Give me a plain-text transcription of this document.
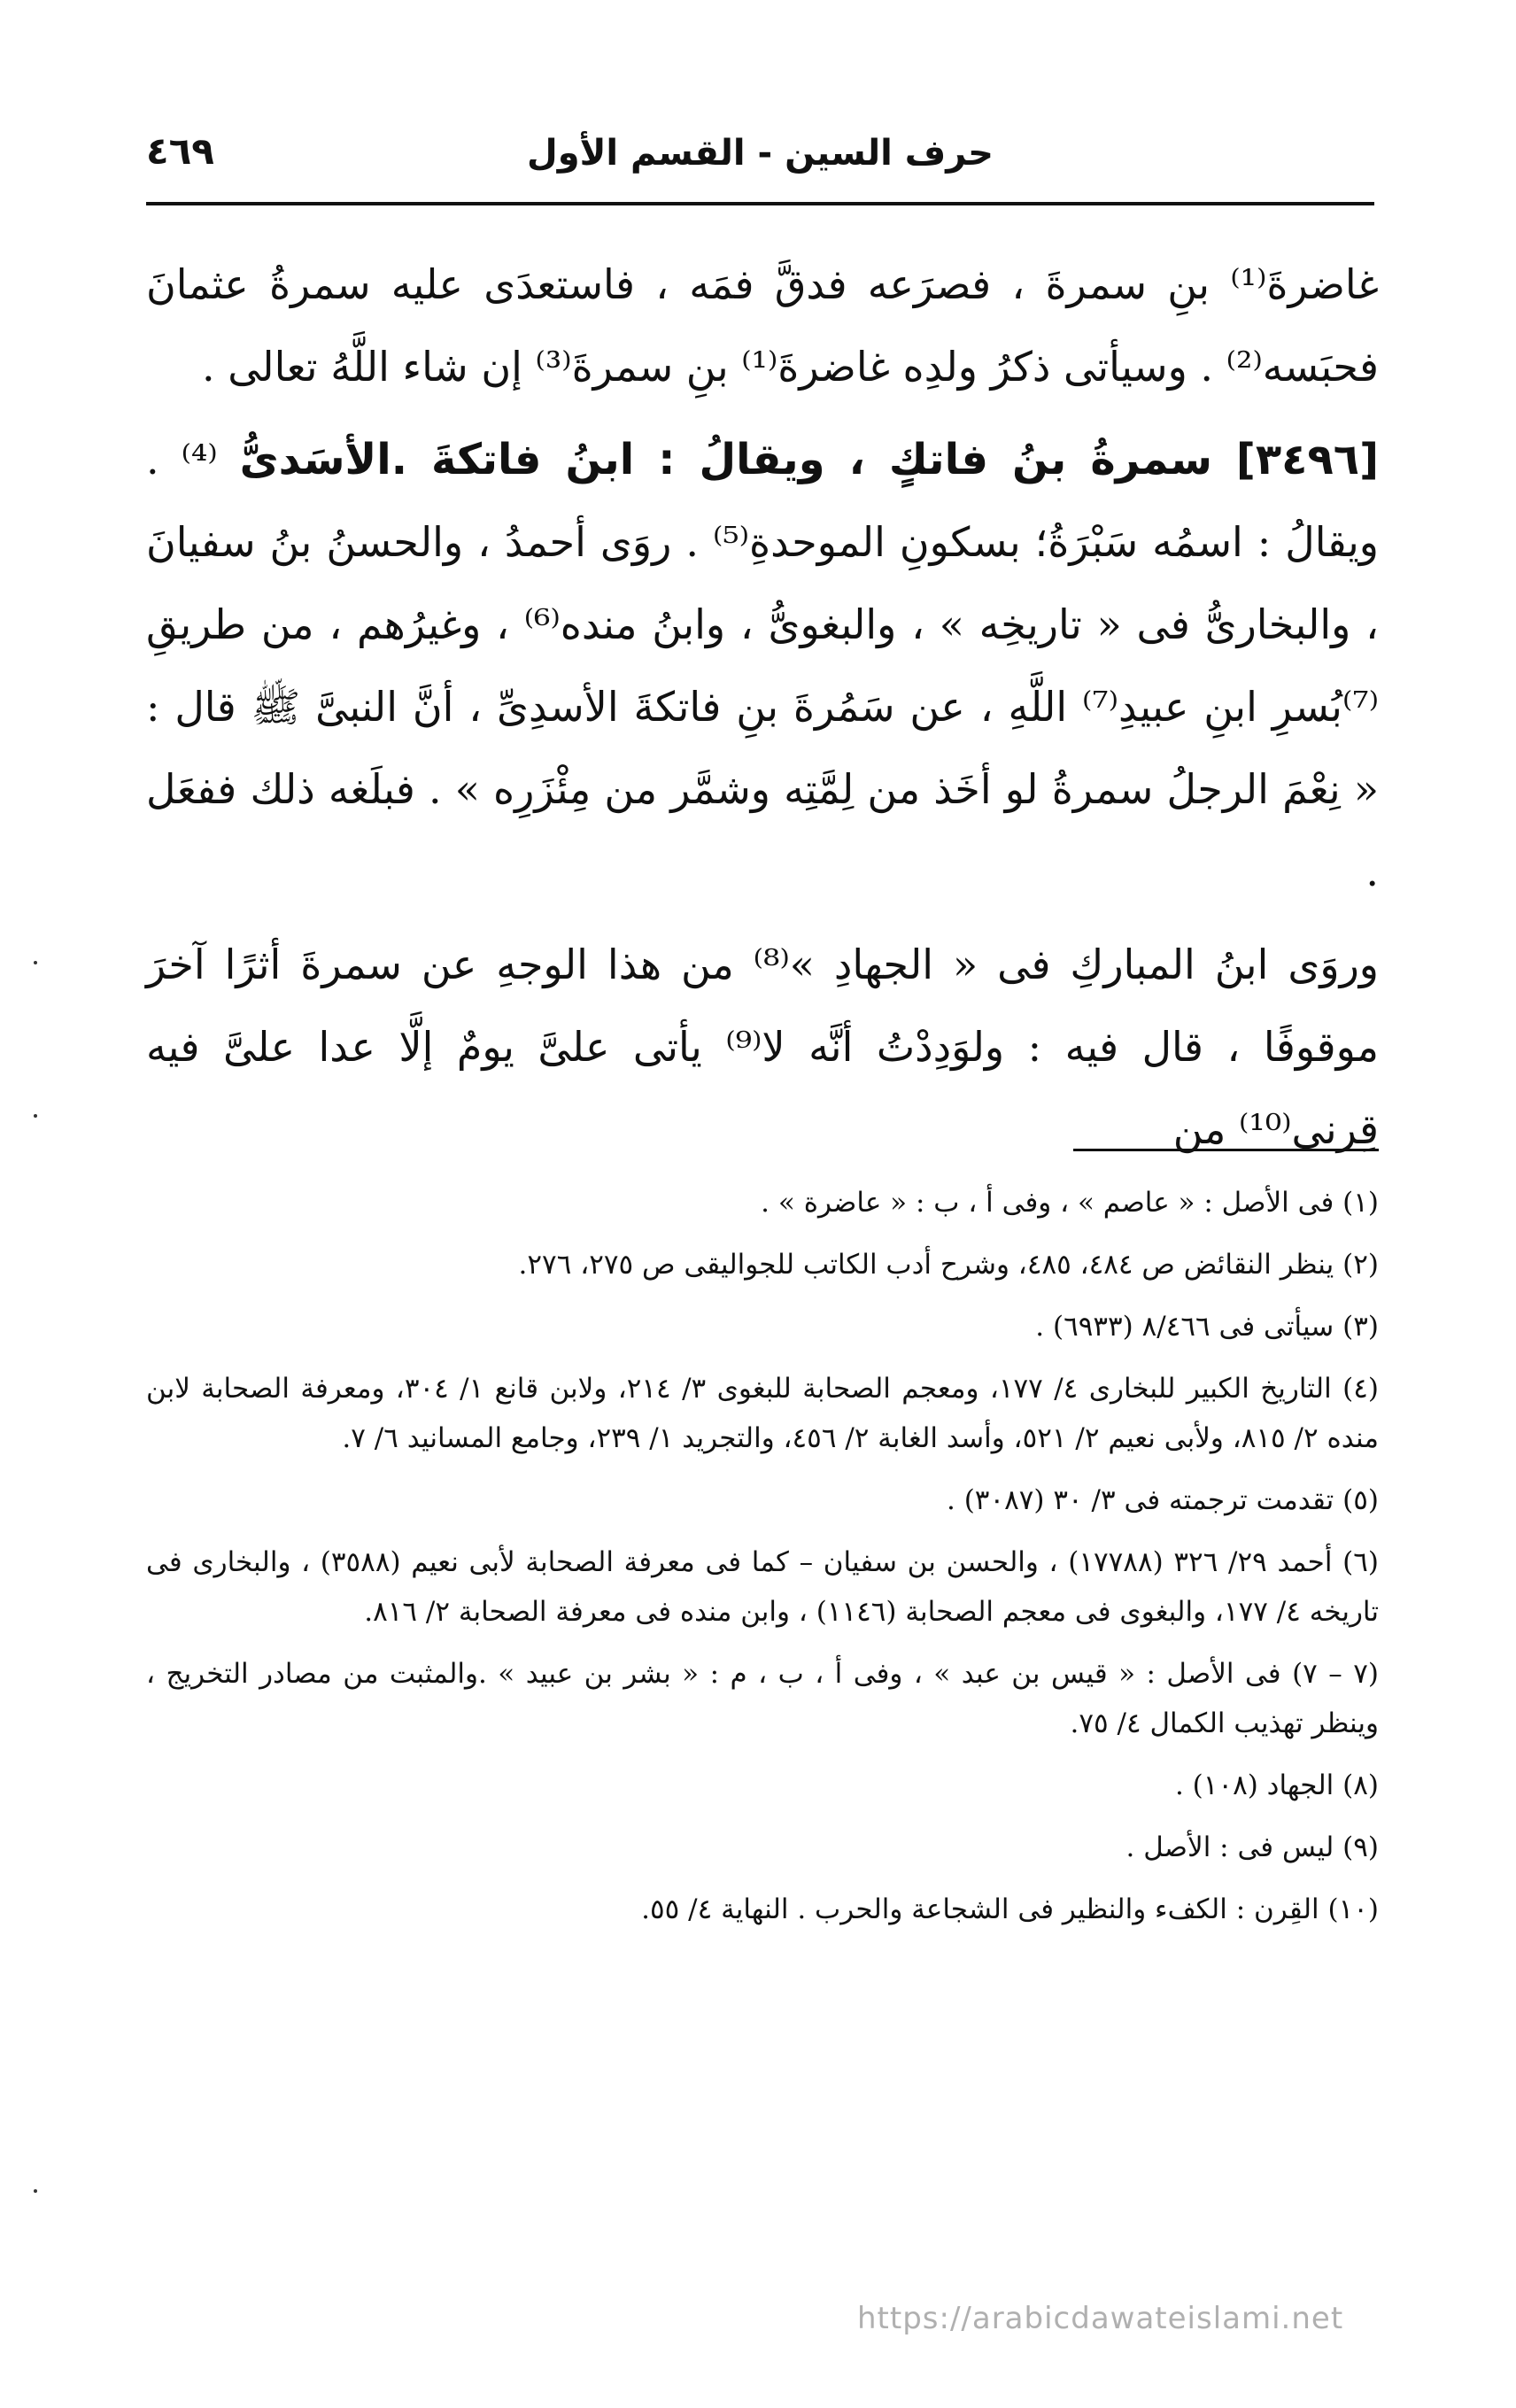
حرف السين - القسم الأول
٤٦٩

غاضرةَ⁽¹⁾ بنِ سمرةَ ، فصرَعه فدقَّ فمَه ، فاستعدَى عليه سمرةُ عثمانَ فحبَسه⁽²⁾ . وسيأتى ذكرُ ولدِه غاضرةَ⁽¹⁾ بنِ سمرةَ⁽³⁾ إن شاء اللَّهُ تعالى .

[٣٤٩٦] سمرةُ بنُ فاتكٍ ، ويقالُ : ابنُ فاتكةَ .الأسَدىُّ ⁽⁴⁾ . ويقالُ : اسمُه سَبْرَةُ؛ بسكونِ الموحدةِ⁽⁵⁾ . روَى أحمدُ ، والحسنُ بنُ سفيانَ ، والبخارىُّ فى « تاريخِه » ، والبغوىُّ ، وابنُ منده⁽⁶⁾ ، وغيرُهم ، من طريقِ ⁽⁷⁾بُسرِ ابنِ عبيدِ⁽⁷⁾ اللَّهِ ، عن سَمُرةَ بنِ فاتكةَ الأسدِىِّ ، أنَّ النبىَّ ﷺ قال : « نِعْمَ الرجلُ سمرةُ لو أخَذ من لِمَّتِه وشمَّر من مِئْزَرِه » . فبلَغه ذلك ففعَل .

وروَى ابنُ المباركِ فى « الجهادِ »⁽⁸⁾ من هذا الوجهِ عن سمرةَ أثرًا آخرَ موقوفًا ، قال فيه : ولوَدِدْتُ أنَّه لا⁽⁹⁾ يأتى علىَّ يومٌ إلَّا عدا علىَّ فيه قِرنى⁽¹⁰⁾ من

(١) فى الأصل : « عاصم » ، وفى أ ، ب : « عاضرة » .

(٢) ينظر النقائض ص ٤٨٤، ٤٨٥، وشرح أدب الكاتب للجواليقى ص ٢٧٥، ٢٧٦.

(٣) سيأتى فى ٨/٤٦٦ (٦٩٣٣) .

(٤) التاريخ الكبير للبخارى ٤/ ١٧٧، ومعجم الصحابة للبغوى ٣/ ٢١٤، ولابن قانع ١/ ٣٠٤، ومعرفة الصحابة لابن منده ٢/ ٨١٥، ولأبى نعيم ٢/ ٥٢١، وأسد الغابة ٢/ ٤٥٦، والتجريد ١/ ٢٣٩، وجامع المسانيد ٦/ ٧.

(٥) تقدمت ترجمته فى ٣/ ٣٠ (٣٠٨٧) .

(٦) أحمد ٢٩/ ٣٢٦ (١٧٧٨٨) ، والحسن بن سفيان – كما فى معرفة الصحابة لأبى نعيم (٣٥٨٨) ، والبخارى فى تاريخه ٤/ ١٧٧، والبغوى فى معجم الصحابة (١١٤٦) ، وابن منده فى معرفة الصحابة ٢/ ٨١٦.

(٧ – ٧) فى الأصل : « قيس بن عبد » ، وفى أ ، ب ، م : « بشر بن عبيد » .والمثبت من مصادر التخريج ، وينظر تهذيب الكمال ٤/ ٧٥.

(٨) الجهاد (١٠٨) .

(٩) ليس فى : الأصل .

(١٠) القِرن : الكفء والنظير فى الشجاعة والحرب . النهاية ٤/ ٥٥.

https://arabicdawateislami.net
